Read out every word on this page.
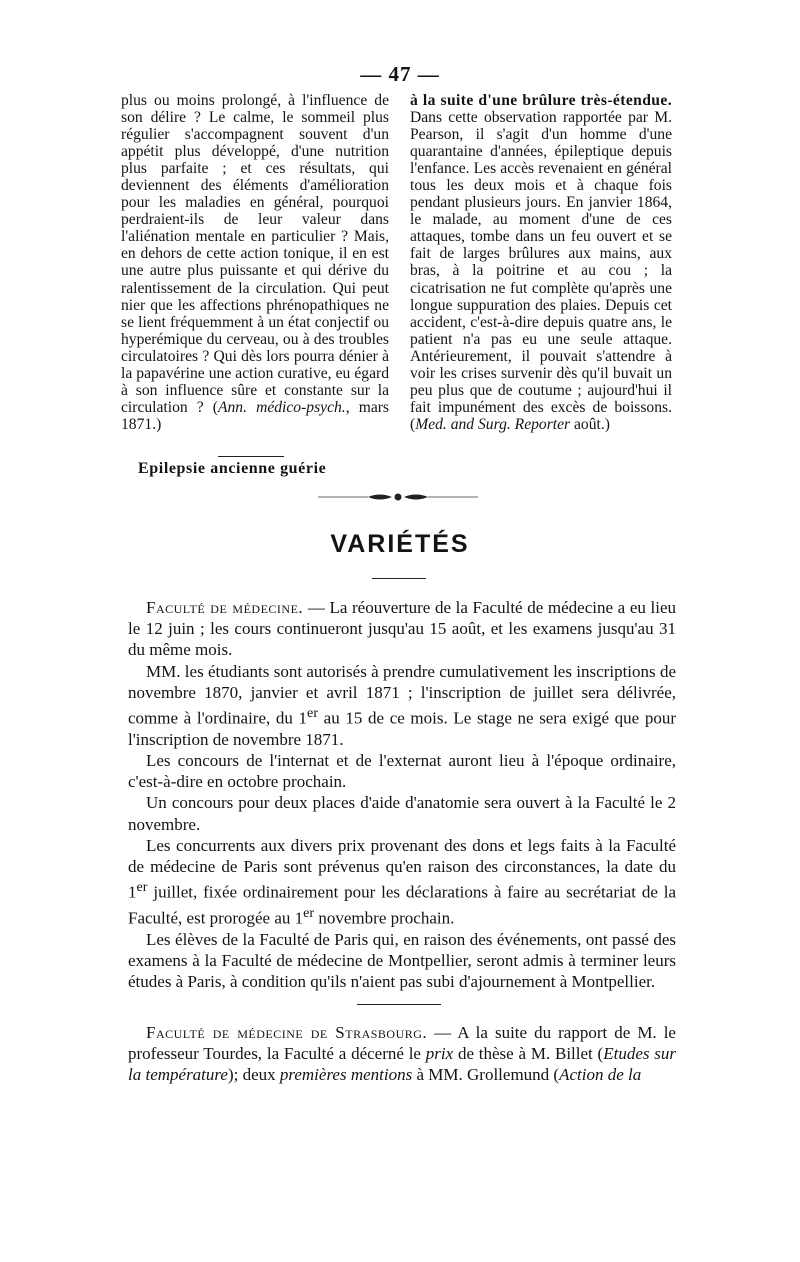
— 47 —

plus ou moins prolongé, à l'influence de son délire ? Le calme, le sommeil plus régulier s'accompagnent souvent d'un appétit plus développé, d'une nutrition plus parfaite ; et ces résultats, qui deviennent des éléments d'amélioration pour les maladies en général, pourquoi perdraient-ils de leur valeur dans l'aliénation mentale en particulier ? Mais, en dehors de cette action tonique, il en est une autre plus puissante et qui dérive du ralentissement de la circulation. Qui peut nier que les affections phrénopathiques ne se lient fréquemment à un état conjectif ou hyperémique du cerveau, ou à des troubles circulatoires ? Qui dès lors pourra dénier à la papavérine une action curative, eu égard à son influence sûre et constante sur la circulation ? (Ann. médico-psych., mars 1871.)

Epilepsie ancienne guérie

à la suite d'une brûlure très-étendue. Dans cette observation rapportée par M. Pearson, il s'agit d'un homme d'une quarantaine d'années, épileptique depuis l'enfance. Les accès revenaient en général tous les deux mois et à chaque fois pendant plusieurs jours. En janvier 1864, le malade, au moment d'une de ces attaques, tombe dans un feu ouvert et se fait de larges brûlures aux mains, aux bras, à la poitrine et au cou ; la cicatrisation ne fut complète qu'après une longue suppuration des plaies. Depuis cet accident, c'est-à-dire depuis quatre ans, le patient n'a pas eu une seule attaque. Antérieurement, il pouvait s'attendre à voir les crises survenir dès qu'il buvait un peu plus que de coutume ; aujourd'hui il fait impunément des excès de boissons. (Med. and Surg. Reporter août.)

VARIÉTÉS

Faculté de médecine. — La réouverture de la Faculté de médecine a eu lieu le 12 juin ; les cours continueront jusqu'au 15 août, et les examens jusqu'au 31 du même mois.

MM. les étudiants sont autorisés à prendre cumulativement les inscriptions de novembre 1870, janvier et avril 1871 ; l'inscription de juillet sera délivrée, comme à l'ordinaire, du 1er au 15 de ce mois. Le stage ne sera exigé que pour l'inscription de novembre 1871.

Les concours de l'internat et de l'externat auront lieu à l'époque ordinaire, c'est-à-dire en octobre prochain.

Un concours pour deux places d'aide d'anatomie sera ouvert à la Faculté le 2 novembre.

Les concurrents aux divers prix provenant des dons et legs faits à la Faculté de médecine de Paris sont prévenus qu'en raison des circonstances, la date du 1er juillet, fixée ordinairement pour les déclarations à faire au secrétariat de la Faculté, est prorogée au 1er novembre prochain.

Les élèves de la Faculté de Paris qui, en raison des événements, ont passé des examens à la Faculté de médecine de Montpellier, seront admis à terminer leurs études à Paris, à condition qu'ils n'aient pas subi d'ajournement à Montpellier.

Faculté de médecine de Strasbourg. — A la suite du rapport de M. le professeur Tourdes, la Faculté a décerné le prix de thèse à M. Billet (Etudes sur la température); deux premières mentions à MM. Grollemund (Action de la
